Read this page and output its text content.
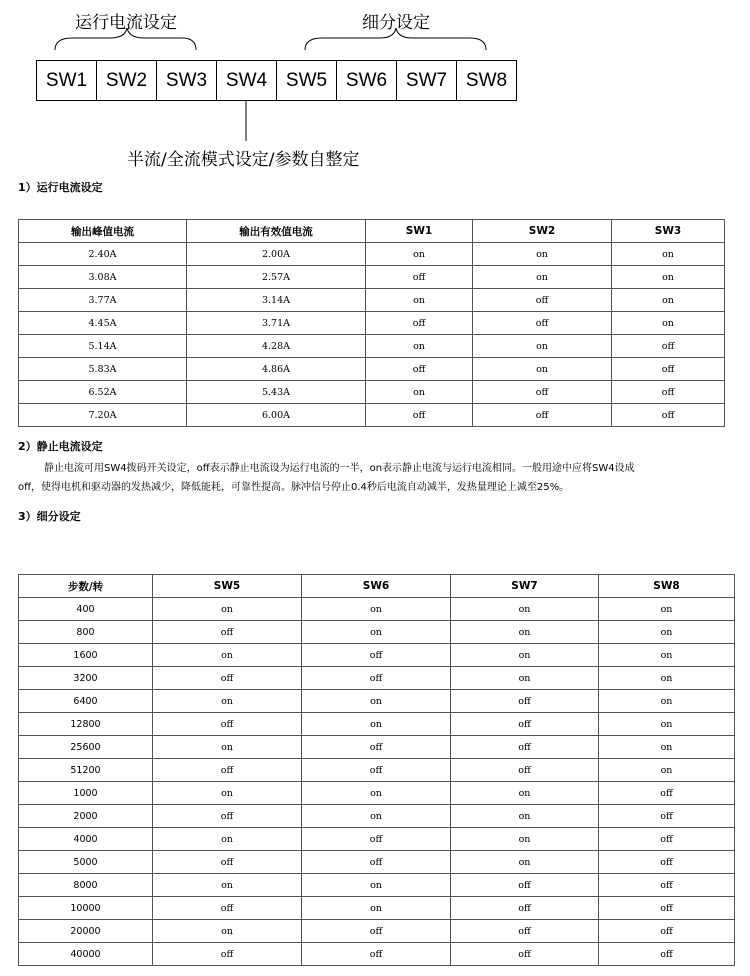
运行电流设定	细分设定
SW1 SW2 SW3 SW4 SW5 SW6 SW7 SW8
半流/全流模式设定/参数自整定
1）运行电流设定
输出峰值电流	输出有效值电流	SW1	SW2	SW3
2.40A	2.00A	on	on	on
3.08A	2.57A	off	on	on
3.77A	3.14A	on	off	on
4.45A	3.71A	off	off	on
5.14A	4.28A	on	on	off
5.83A	4.86A	off	on	off
6.52A	5.43A	on	off	off
7.20A	6.00A	off	off	off
2）静止电流设定

静止电流可用SW4拨码开关设定，off表示静止电流设为运行电流的一半，on表示静止电流与运行电流相同。一般用途中应将SW4设成

off，使得电机和驱动器的发热减少，降低能耗，可靠性提高。脉冲信号停止0.4秒后电流自动减半，发热量理论上减至25%。

3）细分设定
步数/转	SW5	SW6	SW7	SW8
400	on	on	on	on
800	off	on	on	on
1600	on	off	on	on
3200	off	off	on	on
6400	on	on	off	on
12800	off	on	off	on
25600	on	off	off	on
51200	off	off	off	on
1000	on	on	on	off
2000	off	on	on	off
4000	on	off	on	off
5000	off	off	on	off
8000	on	on	off	off
10000	off	on	off	off
20000	on	off	off	off
40000	off	off	off	off
